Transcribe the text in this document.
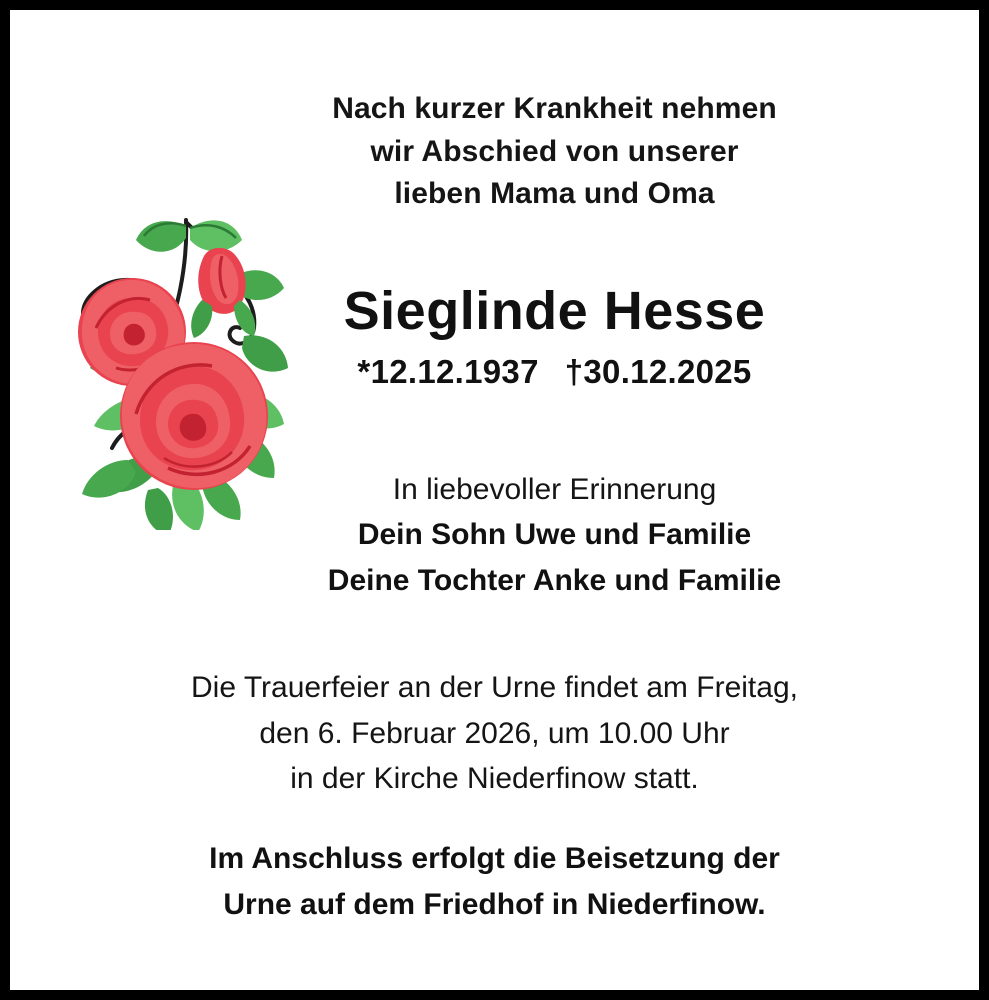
Nach kurzer Krankheit nehmen
wir Abschied von unserer
lieben Mama und Oma
Sieglinde Hesse
*12.12.1937 †30.12.2025
In liebevoller Erinnerung
Dein Sohn Uwe und Familie
Deine Tochter Anke und Familie
Die Trauerfeier an der Urne findet am Freitag,
den 6. Februar 2026, um 10.00 Uhr
in der Kirche Niederfinow statt.
Im Anschluss erfolgt die Beisetzung der
Urne auf dem Friedhof in Niederfinow.
